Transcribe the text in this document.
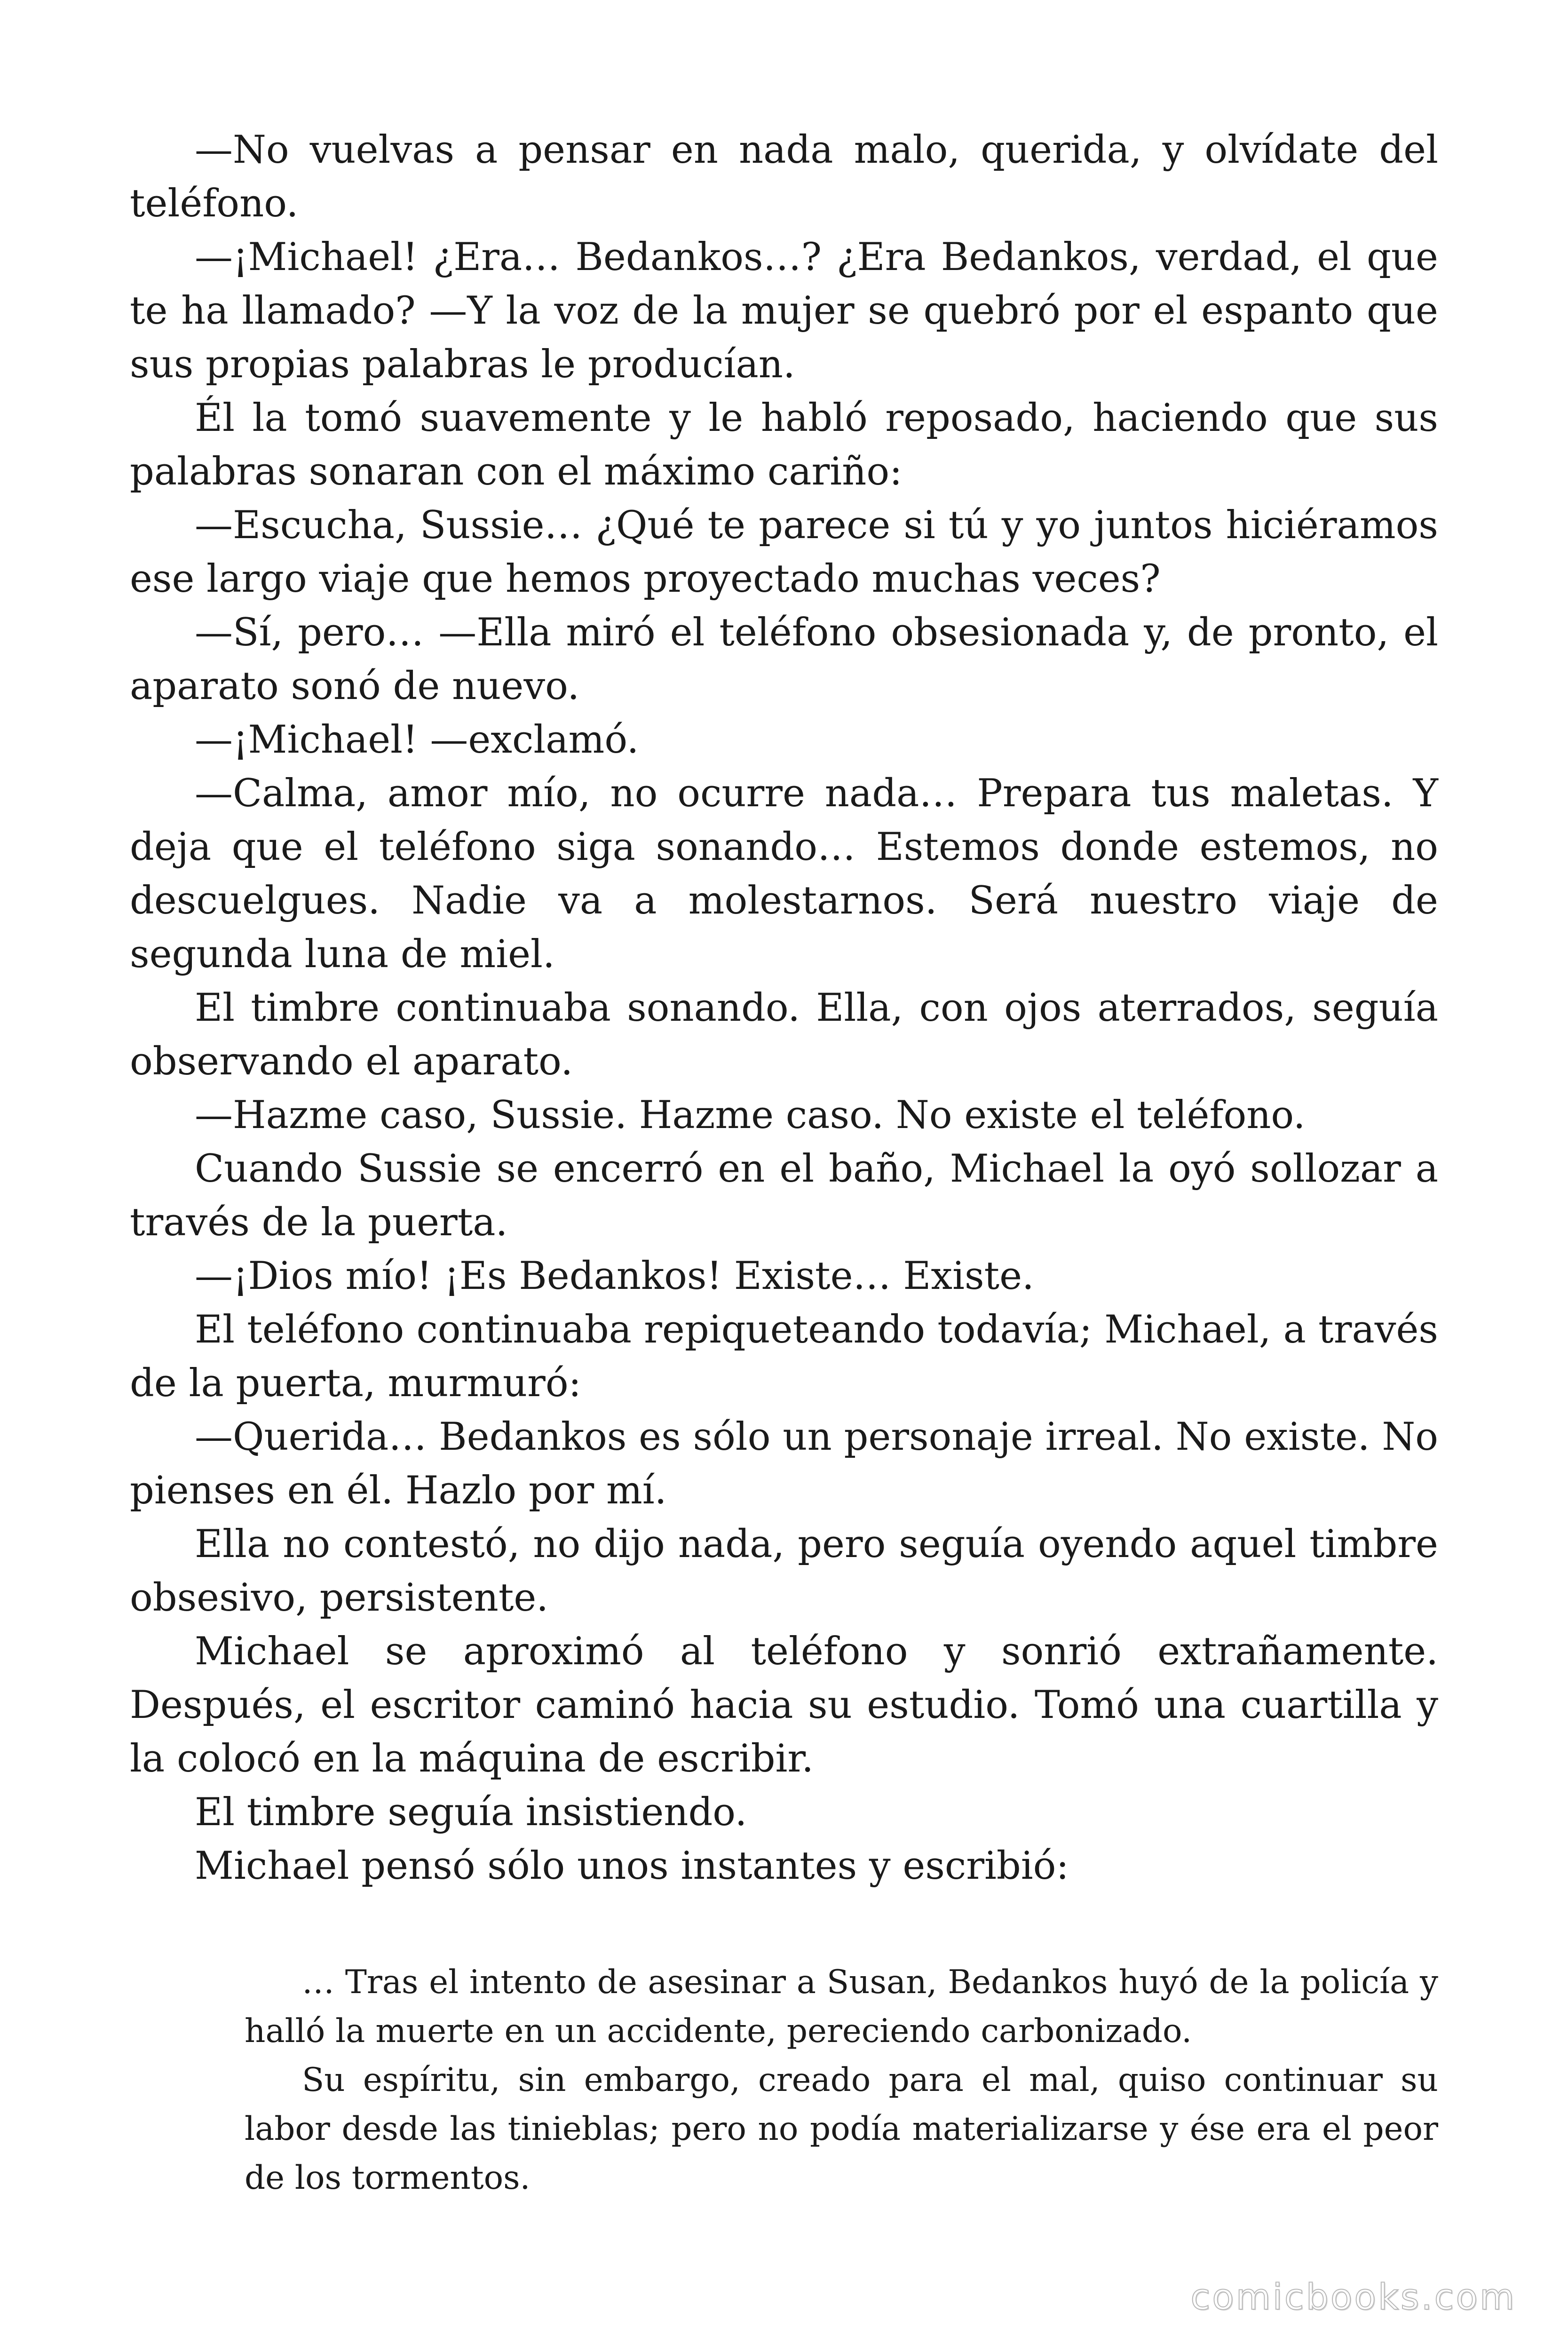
—No vuelvas a pensar en nada malo, querida, y olvídate del teléfono.

—¡Michael! ¿Era… Bedankos…? ¿Era Bedankos, verdad, el que te ha llamado? —Y la voz de la mujer se quebró por el espanto que sus propias palabras le producían.

Él la tomó suavemente y le habló reposado, haciendo que sus palabras sonaran con el máximo cariño:

—Escucha, Sussie… ¿Qué te parece si tú y yo juntos hiciéramos ese largo viaje que hemos proyectado muchas veces?

—Sí, pero… —Ella miró el teléfono obsesionada y, de pronto, el aparato sonó de nuevo.

—¡Michael! —exclamó.

—Calma, amor mío, no ocurre nada… Prepara tus maletas. Y deja que el teléfono siga sonando… Estemos donde estemos, no descuelgues. Nadie va a molestarnos. Será nuestro viaje de segunda luna de miel.

El timbre continuaba sonando. Ella, con ojos aterrados, seguía observando el aparato.

—Hazme caso, Sussie. Hazme caso. No existe el teléfono.

Cuando Sussie se encerró en el baño, Michael la oyó sollozar a través de la puerta.

—¡Dios mío! ¡Es Bedankos! Existe… Existe.

El teléfono continuaba repiqueteando todavía; Michael, a través de la puerta, murmuró:

—Querida… Bedankos es sólo un personaje irreal. No existe. No pienses en él. Hazlo por mí.

Ella no contestó, no dijo nada, pero seguía oyendo aquel timbre obsesivo, persistente.

Michael se aproximó al teléfono y sonrió extrañamente. Después, el escritor caminó hacia su estudio. Tomó una cuartilla y la colocó en la máquina de escribir.

El timbre seguía insistiendo.

Michael pensó sólo unos instantes y escribió:

… Tras el intento de asesinar a Susan, Bedankos huyó de la policía y halló la muerte en un accidente, pereciendo carbonizado.

Su espíritu, sin embargo, creado para el mal, quiso continuar su labor desde las tinieblas; pero no podía materializarse y ése era el peor de los tormentos.

comicbooks.com
